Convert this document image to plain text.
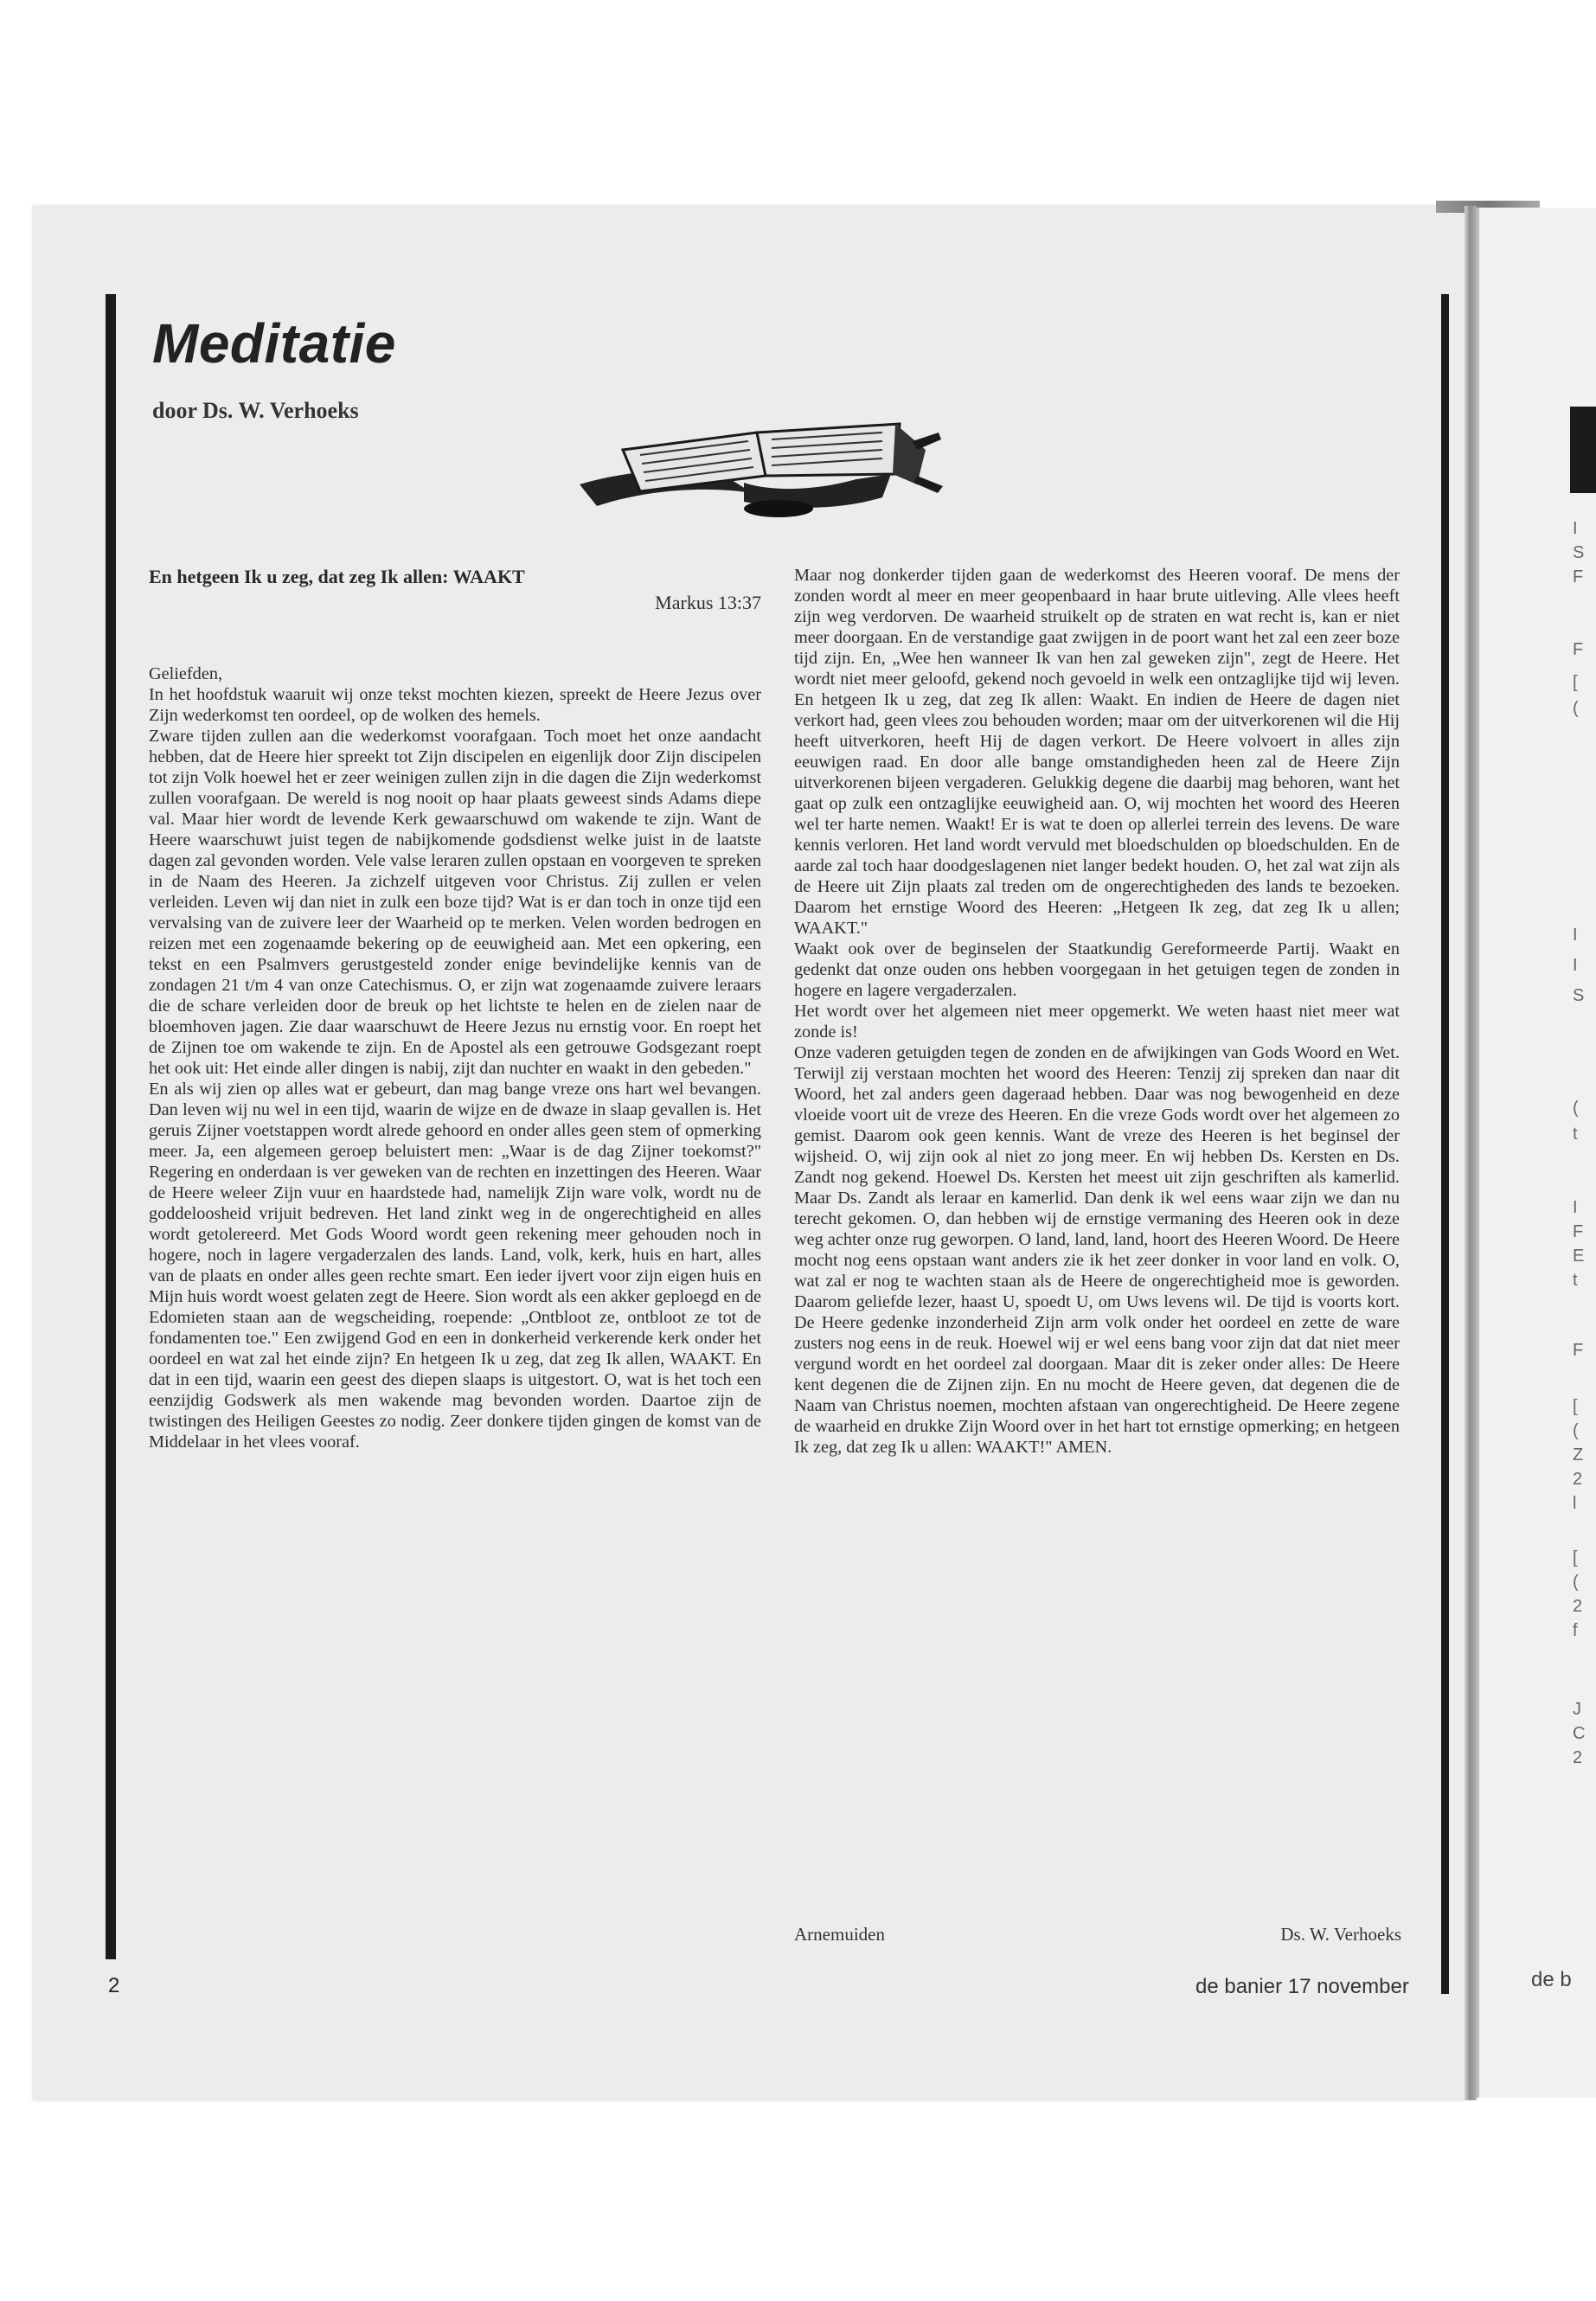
Meditatie

door Ds. W. Verhoeks

En hetgeen Ik u zeg, dat zeg Ik allen: WAAKT

Markus 13:37

Geliefden,

In het hoofdstuk waaruit wij onze tekst mochten kiezen, spreekt de Heere Jezus over Zijn wederkomst ten oordeel, op de wolken des hemels.

Zware tijden zullen aan die wederkomst voorafgaan. Toch moet het onze aandacht hebben, dat de Heere hier spreekt tot Zijn discipelen en eigenlijk door Zijn discipelen tot zijn Volk hoewel het er zeer weinigen zullen zijn in die dagen die Zijn wederkomst zullen voorafgaan. De wereld is nog nooit op haar plaats geweest sinds Adams diepe val. Maar hier wordt de levende Kerk gewaarschuwd om wakende te zijn. Want de Heere waarschuwt juist tegen de nabijkomende godsdienst welke juist in de laatste dagen zal gevonden worden. Vele valse leraren zullen opstaan en voorgeven te spreken in de Naam des Heeren. Ja zichzelf uitgeven voor Christus. Zij zullen er velen verleiden. Leven wij dan niet in zulk een boze tijd? Wat is er dan toch in onze tijd een vervalsing van de zuivere leer der Waarheid op te merken. Velen worden bedrogen en reizen met een zogenaamde bekering op de eeuwigheid aan. Met een opkering, een tekst en een Psalmvers gerustgesteld zonder enige bevindelijke kennis van de zondagen 21 t/m 4 van onze Catechismus. O, er zijn wat zogenaamde zuivere leraars die de schare verleiden door de breuk op het lichtste te helen en de zielen naar de bloemhoven jagen. Zie daar waarschuwt de Heere Jezus nu ernstig voor. En roept het de Zijnen toe om wakende te zijn. En de Apostel als een getrouwe Godsgezant roept het ook uit: Het einde aller dingen is nabij, zijt dan nuchter en waakt in den gebeden."

En als wij zien op alles wat er gebeurt, dan mag bange vreze ons hart wel bevangen. Dan leven wij nu wel in een tijd, waarin de wijze en de dwaze in slaap gevallen is. Het geruis Zijner voetstappen wordt alrede gehoord en onder alles geen stem of opmerking meer. Ja, een algemeen geroep beluistert men: „Waar is de dag Zijner toekomst?" Regering en onderdaan is ver geweken van de rechten en inzettingen des Heeren. Waar de Heere weleer Zijn vuur en haardstede had, namelijk Zijn ware volk, wordt nu de goddeloosheid vrijuit bedreven. Het land zinkt weg in de ongerechtigheid en alles wordt getolereerd. Met Gods Woord wordt geen rekening meer gehouden noch in hogere, noch in lagere vergaderzalen des lands. Land, volk, kerk, huis en hart, alles van de plaats en onder alles geen rechte smart. Een ieder ijvert voor zijn eigen huis en Mijn huis wordt woest gelaten zegt de Heere. Sion wordt als een akker geploegd en de Edomieten staan aan de wegscheiding, roepende: „Ontbloot ze, ontbloot ze tot de fondamenten toe." Een zwijgend God en een in donkerheid verkerende kerk onder het oordeel en wat zal het einde zijn? En hetgeen Ik u zeg, dat zeg Ik allen, WAAKT. En dat in een tijd, waarin een geest des diepen slaaps is uitgestort. O, wat is het toch een eenzijdig Godswerk als men wakende mag bevonden worden. Daartoe zijn de twistingen des Heiligen Geestes zo nodig. Zeer donkere tijden gingen de komst van de Middelaar in het vlees vooraf.

Maar nog donkerder tijden gaan de wederkomst des Heeren vooraf. De mens der zonden wordt al meer en meer geopenbaard in haar brute uitleving. Alle vlees heeft zijn weg verdorven. De waarheid struikelt op de straten en wat recht is, kan er niet meer doorgaan. En de verstandige gaat zwijgen in de poort want het zal een zeer boze tijd zijn. En, „Wee hen wanneer Ik van hen zal geweken zijn", zegt de Heere. Het wordt niet meer geloofd, gekend noch gevoeld in welk een ontzaglijke tijd wij leven. En hetgeen Ik u zeg, dat zeg Ik allen: Waakt. En indien de Heere de dagen niet verkort had, geen vlees zou behouden worden; maar om der uitverkorenen wil die Hij heeft uitverkoren, heeft Hij de dagen verkort. De Heere volvoert in alles zijn eeuwigen raad. En door alle bange omstandigheden heen zal de Heere Zijn uitverkorenen bijeen vergaderen. Gelukkig degene die daarbij mag behoren, want het gaat op zulk een ontzaglijke eeuwigheid aan. O, wij mochten het woord des Heeren wel ter harte nemen. Waakt! Er is wat te doen op allerlei terrein des levens. De ware kennis verloren. Het land wordt vervuld met bloedschulden op bloedschulden. En de aarde zal toch haar doodgeslagenen niet langer bedekt houden. O, het zal wat zijn als de Heere uit Zijn plaats zal treden om de ongerechtigheden des lands te bezoeken. Daarom het ernstige Woord des Heeren: „Hetgeen Ik zeg, dat zeg Ik u allen; WAAKT."

Waakt ook over de beginselen der Staatkundig Gereformeerde Partij. Waakt en gedenkt dat onze ouden ons hebben voorgegaan in het getuigen tegen de zonden in hogere en lagere vergaderzalen.

Het wordt over het algemeen niet meer opgemerkt. We weten haast niet meer wat zonde is!

Onze vaderen getuigden tegen de zonden en de afwijkingen van Gods Woord en Wet. Terwijl zij verstaan mochten het woord des Heeren: Tenzij zij spreken dan naar dit Woord, het zal anders geen dageraad hebben. Daar was nog bewogenheid en deze vloeide voort uit de vreze des Heeren. En die vreze Gods wordt over het algemeen zo gemist. Daarom ook geen kennis. Want de vreze des Heeren is het beginsel der wijsheid. O, wij zijn ook al niet zo jong meer. En wij hebben Ds. Kersten en Ds. Zandt nog gekend. Hoewel Ds. Kersten het meest uit zijn geschriften als kamerlid. Maar Ds. Zandt als leraar en kamerlid. Dan denk ik wel eens waar zijn we dan nu terecht gekomen. O, dan hebben wij de ernstige vermaning des Heeren ook in deze weg achter onze rug geworpen. O land, land, land, hoort des Heeren Woord. De Heere mocht nog eens opstaan want anders zie ik het zeer donker in voor land en volk. O, wat zal er nog te wachten staan als de Heere de ongerechtigheid moe is geworden. Daarom geliefde lezer, haast U, spoedt U, om Uws levens wil. De tijd is voorts kort. De Heere gedenke inzonderheid Zijn arm volk onder het oordeel en zette de ware zusters nog eens in de reuk. Hoewel wij er wel eens bang voor zijn dat dat niet meer vergund wordt en het oordeel zal doorgaan. Maar dit is zeker onder alles: De Heere kent degenen die de Zijnen zijn. En nu mocht de Heere geven, dat degenen die de Naam van Christus noemen, mochten afstaan van ongerechtigheid. De Heere zegene de waarheid en drukke Zijn Woord over in het hart tot ernstige opmerking; en hetgeen Ik zeg, dat zeg Ik u allen: WAAKT!" AMEN.

Arnemuiden	Ds. W. Verhoeks
2	de banier 17 november	de b
I
S
F
F
[
(
I
I
S
(
t
I
F
E
t
F
[
(
Z
2
l
[
(
2
f
J
C
2
